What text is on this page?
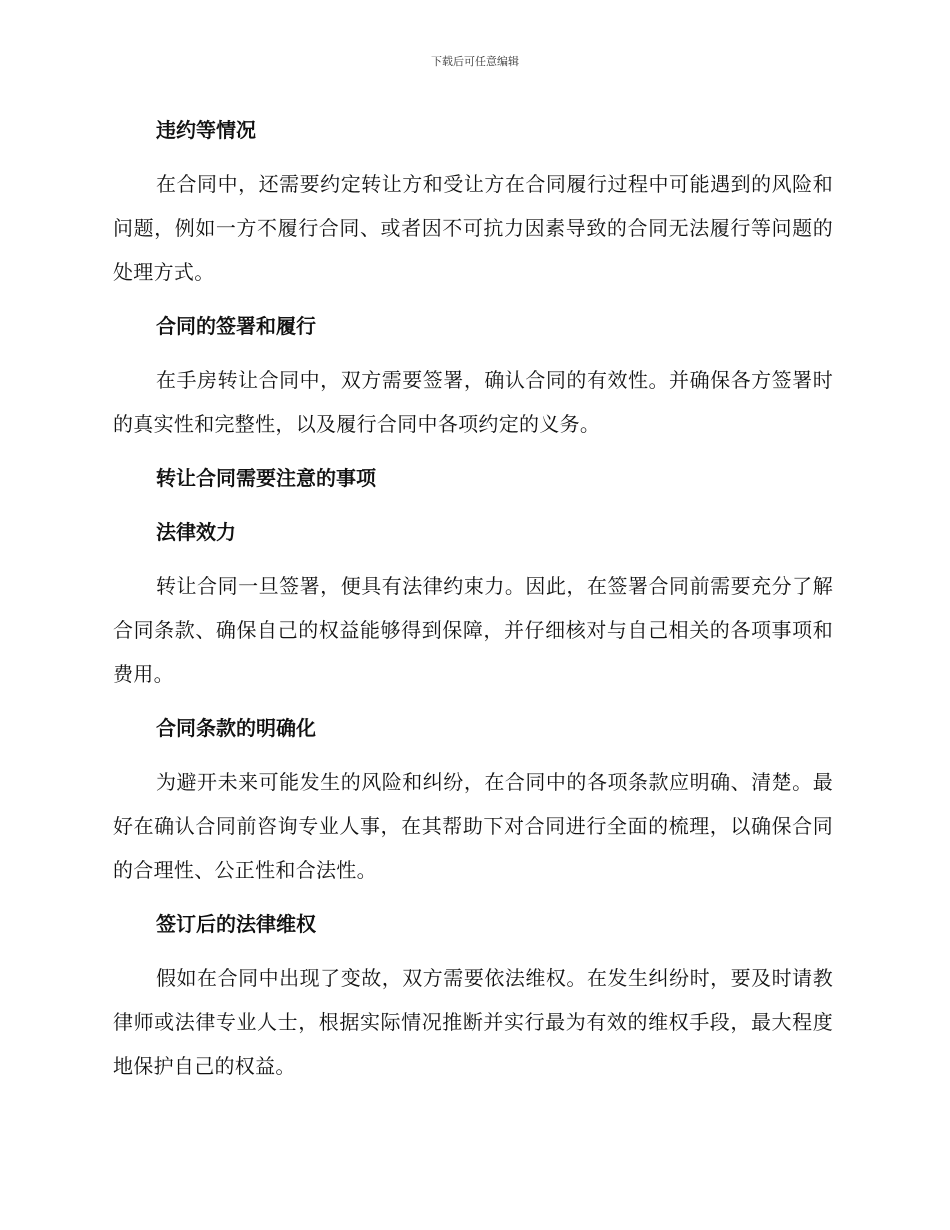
下载后可任意编辑
违约等情况

在合同中，还需要约定转让方和受让方在合同履行过程中可能遇到的风险和问题，例如一方不履行合同、或者因不可抗力因素导致的合同无法履行等问题的处理方式。

合同的签署和履行

在手房转让合同中，双方需要签署，确认合同的有效性。并确保各方签署时的真实性和完整性，以及履行合同中各项约定的义务。

转让合同需要注意的事项
法律效力

转让合同一旦签署，便具有法律约束力。因此，在签署合同前需要充分了解合同条款、确保自己的权益能够得到保障，并仔细核对与自己相关的各项事项和费用。

合同条款的明确化

为避开未来可能发生的风险和纠纷，在合同中的各项条款应明确、清楚。最好在确认合同前咨询专业人事，在其帮助下对合同进行全面的梳理，以确保合同的合理性、公正性和合法性。

签订后的法律维权

假如在合同中出现了变故，双方需要依法维权。在发生纠纷时，要及时请教律师或法律专业人士，根据实际情况推断并实行最为有效的维权手段，最大程度地保护自己的权益。
